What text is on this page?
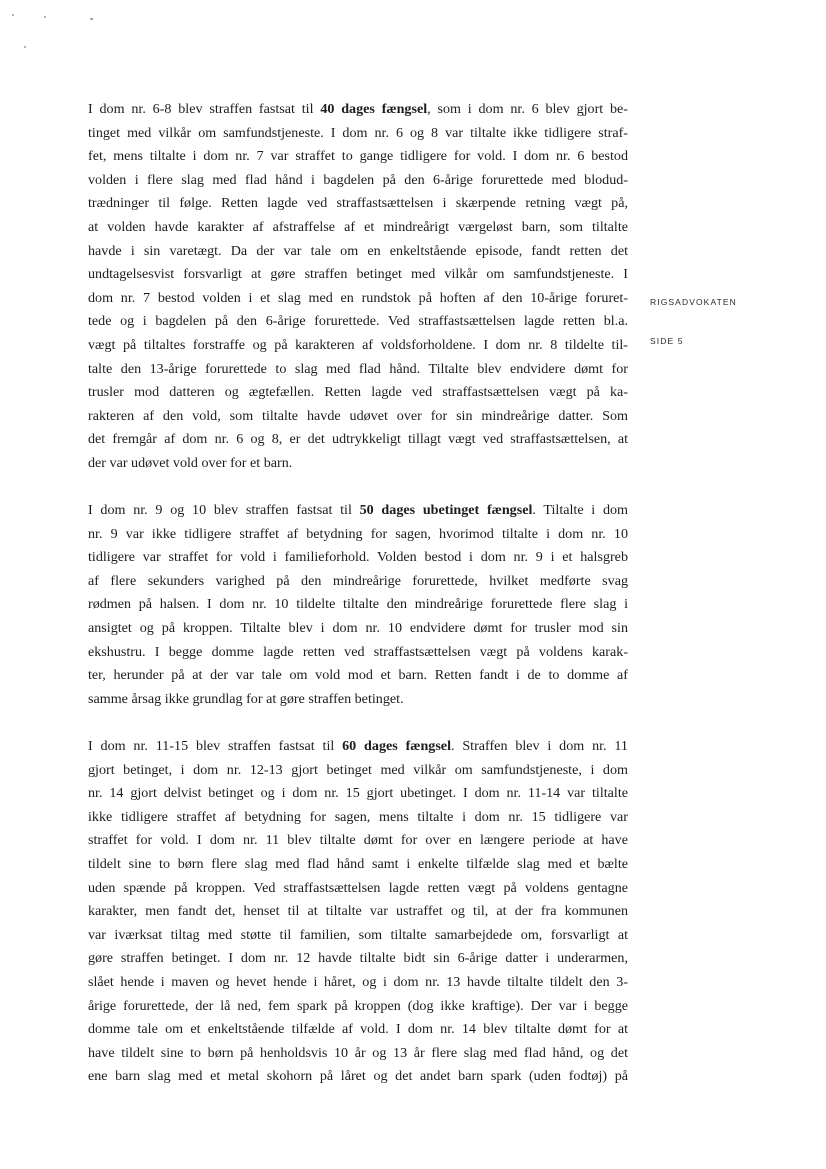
RIGSADVOKATEN
SIDE 5
I dom nr. 6-8 blev straffen fastsat til 40 dages fængsel, som i dom nr. 6 blev gjort be-
tinget med vilkår om samfundstjeneste. I dom nr. 6 og 8 var tiltalte ikke tidligere straf-
fet, mens tiltalte i dom nr. 7 var straffet to gange tidligere for vold. I dom nr. 6 bestod
volden i flere slag med flad hånd i bagdelen på den 6-årige forurettede med blodud-
trædninger til følge. Retten lagde ved straffastsættelsen i skærpende retning vægt på,
at volden havde karakter af afstraffelse af et mindreårigt værgeløst barn, som tiltalte
havde i sin varetægt. Da der var tale om en enkeltstående episode, fandt retten det
undtagelsesvist forsvarligt at gøre straffen betinget med vilkår om samfundstjeneste. I
dom nr. 7 bestod volden i et slag med en rundstok på hoften af den 10-årige foruret-
tede og i bagdelen på den 6-årige forurettede. Ved straffastsættelsen lagde retten bl.a.
vægt på tiltaltes forstraffe og på karakteren af voldsforholdene. I dom nr. 8 tildelte til-
talte den 13-årige forurettede to slag med flad hånd. Tiltalte blev endvidere dømt for
trusler mod datteren og ægtefællen. Retten lagde ved straffastsættelsen vægt på ka-
rakteren af den vold, som tiltalte havde udøvet over for sin mindreårige datter. Som
det fremgår af dom nr. 6 og 8, er det udtrykkeligt tillagt vægt ved straffastsættelsen, at
der var udøvet vold over for et barn.
I dom nr. 9 og 10 blev straffen fastsat til 50 dages ubetinget fængsel. Tiltalte i dom
nr. 9 var ikke tidligere straffet af betydning for sagen, hvorimod tiltalte i dom nr. 10
tidligere var straffet for vold i familieforhold. Volden bestod i dom nr. 9 i et halsgreb
af flere sekunders varighed på den mindreårige forurettede, hvilket medførte svag
rødmen på halsen. I dom nr. 10 tildelte tiltalte den mindreårige forurettede flere slag i
ansigtet og på kroppen. Tiltalte blev i dom nr. 10 endvidere dømt for trusler mod sin
ekshustru. I begge domme lagde retten ved straffastsættelsen vægt på voldens karak-
ter, herunder på at der var tale om vold mod et barn. Retten fandt i de to domme af
samme årsag ikke grundlag for at gøre straffen betinget.
I dom nr. 11-15 blev straffen fastsat til 60 dages fængsel. Straffen blev i dom nr. 11
gjort betinget, i dom nr. 12-13 gjort betinget med vilkår om samfundstjeneste, i dom
nr. 14 gjort delvist betinget og i dom nr. 15 gjort ubetinget. I dom nr. 11-14 var tiltalte
ikke tidligere straffet af betydning for sagen, mens tiltalte i dom nr. 15 tidligere var
straffet for vold. I dom nr. 11 blev tiltalte dømt for over en længere periode at have
tildelt sine to børn flere slag med flad hånd samt i enkelte tilfælde slag med et bælte
uden spænde på kroppen. Ved straffastsættelsen lagde retten vægt på voldens gentagne
karakter, men fandt det, henset til at tiltalte var ustraffet og til, at der fra kommunen
var iværksat tiltag med støtte til familien, som tiltalte samarbejdede om, forsvarligt at
gøre straffen betinget. I dom nr. 12 havde tiltalte bidt sin 6-årige datter i underarmen,
slået hende i maven og hevet hende i håret, og i dom nr. 13 havde tiltalte tildelt den 3-
årige forurettede, der lå ned, fem spark på kroppen (dog ikke kraftige). Der var i begge
domme tale om et enkeltstående tilfælde af vold. I dom nr. 14 blev tiltalte dømt for at
have tildelt sine to børn på henholdsvis 10 år og 13 år flere slag med flad hånd, og det
ene barn slag med et metal skohorn på låret og det andet barn spark (uden fodtøj) på
